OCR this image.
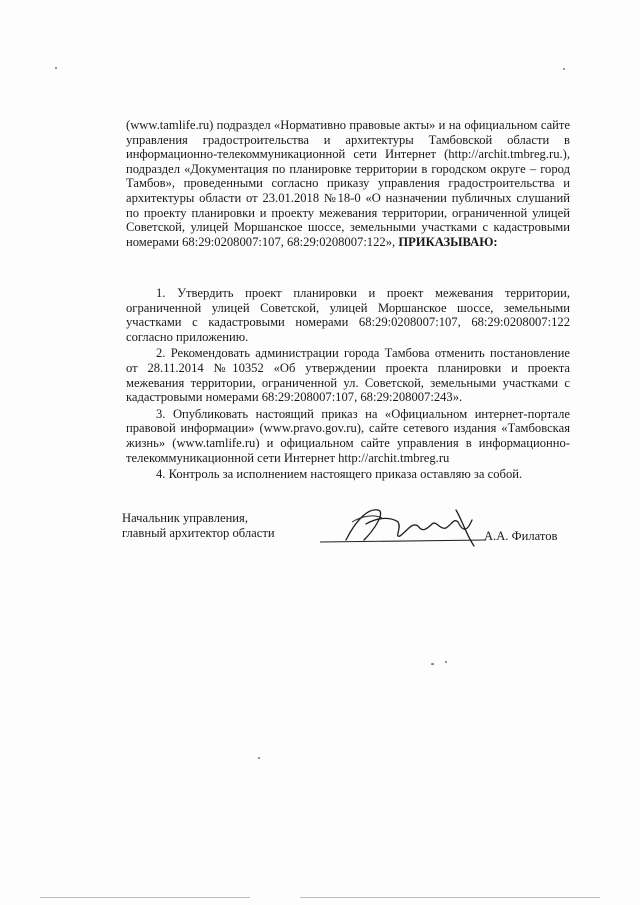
(www.tamlife.ru) подраздел «Нормативно правовые акты» и на официальном сайте управления градостроительства и архитектуры Тамбовской области в информационно-телекоммуникационной сети Интернет (http://archit.tmbreg.ru.), подраздел «Документация по планировке территории в городском округе – город Тамбов», проведенными согласно приказу управления градостроительства и архитектуры области от 23.01.2018 №18-0 «О назначении публичных слушаний по проекту планировки и проекту межевания территории, ограниченной улицей Советской, улицей Моршанское шоссе, земельными участками с кадастровыми номерами 68:29:0208007:107, 68:29:0208007:122», ПРИКАЗЫВАЮ:

1. Утвердить проект планировки и проект межевания территории, ограниченной улицей Советской, улицей Моршанское шоссе, земельными участками с кадастровыми номерами 68:29:0208007:107, 68:29:0208007:122 согласно приложению.

2. Рекомендовать администрации города Тамбова отменить постановление от 28.11.2014 №10352 «Об утверждении проекта планировки и проекта межевания территории, ограниченной ул. Советской, земельными участками с кадастровыми номерами 68:29:208007:107, 68:29:208007:243».

3. Опубликовать настоящий приказ на «Официальном интернет-портале правовой информации» (www.pravo.gov.ru), сайте сетевого издания «Тамбовская жизнь» (www.tamlife.ru) и официальном сайте управления в информационно-телекоммуникационной сети Интернет http://archit.tmbreg.ru

4. Контроль за исполнением настоящего приказа оставляю за собой.

Начальник управления,
главный архитектор области	А.А. Филатов
